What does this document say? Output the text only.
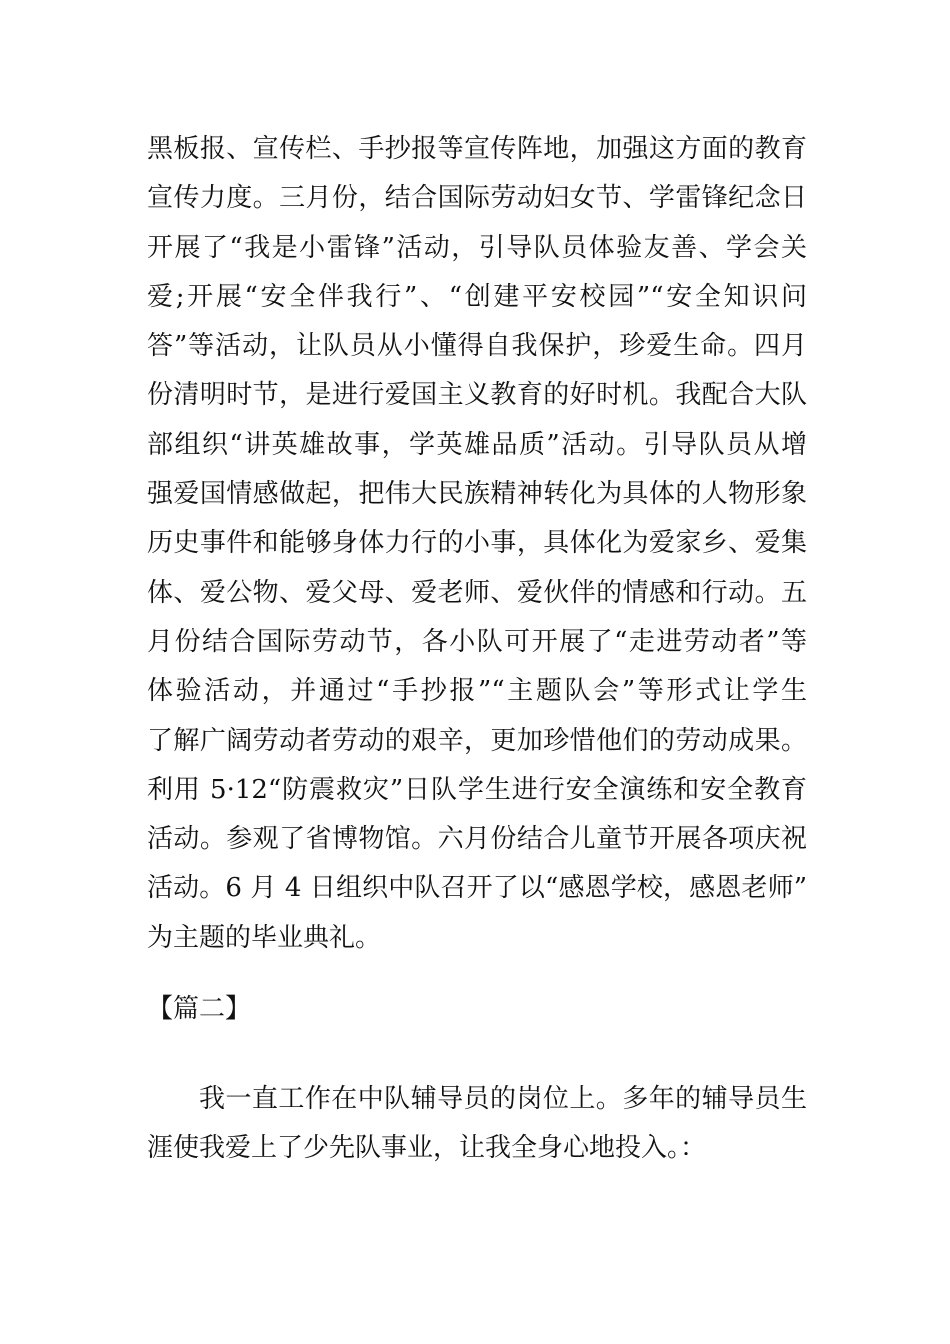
黑板报、宣传栏、手抄报等宣传阵地，加强这方面的教育
宣传力度。三月份，结合国际劳动妇女节、学雷锋纪念日
开展了“我是小雷锋”活动，引导队员体验友善、学会关
爱;开展“安全伴我行”、“创建平安校园”“安全知识问
答”等活动，让队员从小懂得自我保护，珍爱生命。四月
份清明时节，是进行爱国主义教育的好时机。我配合大队
部组织“讲英雄故事，学英雄品质”活动。引导队员从增
强爱国情感做起，把伟大民族精神转化为具体的人物形象
历史事件和能够身体力行的小事，具体化为爱家乡、爱集
体、爱公物、爱父母、爱老师、爱伙伴的情感和行动。五
月份结合国际劳动节，各小队可开展了“走进劳动者”等
体验活动，并通过“手抄报”“主题队会”等形式让学生
了解广阔劳动者劳动的艰辛，更加珍惜他们的劳动成果。
利用 5·12“防震救灾”日队学生进行安全演练和安全教育
活动。参观了省博物馆。六月份结合儿童节开展各项庆祝
活动。6 月 4 日组织中队召开了以“感恩学校，感恩老师”
为主题的毕业典礼。
【篇二】
我一直工作在中队辅导员的岗位上。多年的辅导员生
涯使我爱上了少先队事业，让我全身心地投入。：
